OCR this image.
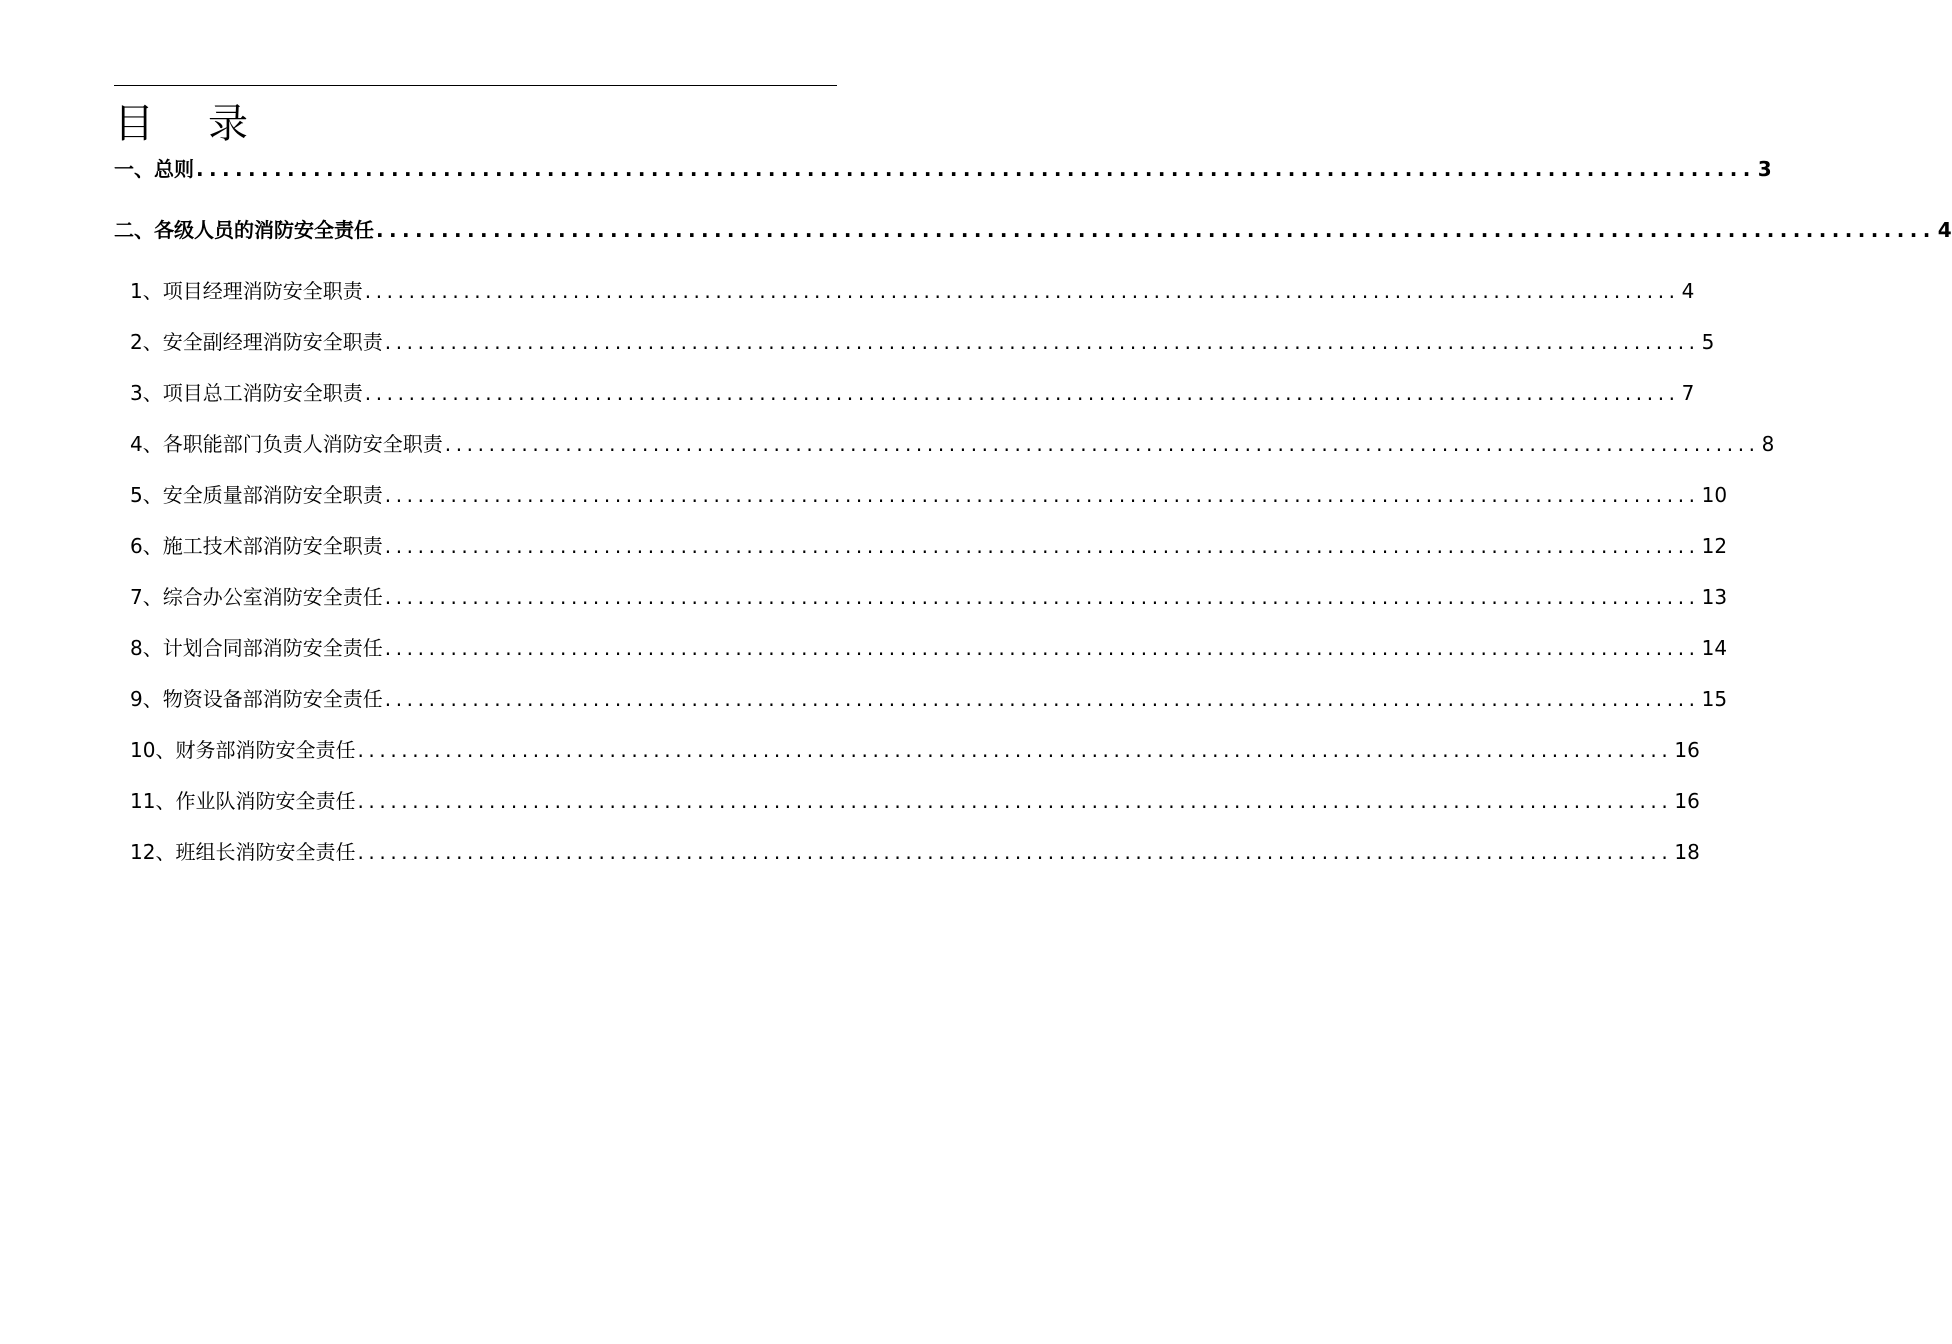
目 录
一、总则 ........................................................................................................................ 3
二、各级人员的消防安全责任 ........................................................................................................................ 4
1、项目经理消防安全职责 ........................................................................................................................ 4
2、安全副经理消防安全职责 ........................................................................................................................ 5
3、项目总工消防安全职责 ........................................................................................................................ 7
4、各职能部门负责人消防安全职责 ........................................................................................................................ 8
5、安全质量部消防安全职责 ........................................................................................................................ 10
6、施工技术部消防安全职责 ........................................................................................................................ 12
7、综合办公室消防安全责任 ........................................................................................................................ 13
8、计划合同部消防安全责任 ........................................................................................................................ 14
9、物资设备部消防安全责任 ........................................................................................................................ 15
10、财务部消防安全责任 ........................................................................................................................ 16
11、作业队消防安全责任 ........................................................................................................................ 16
12、班组长消防安全责任 ........................................................................................................................ 18
